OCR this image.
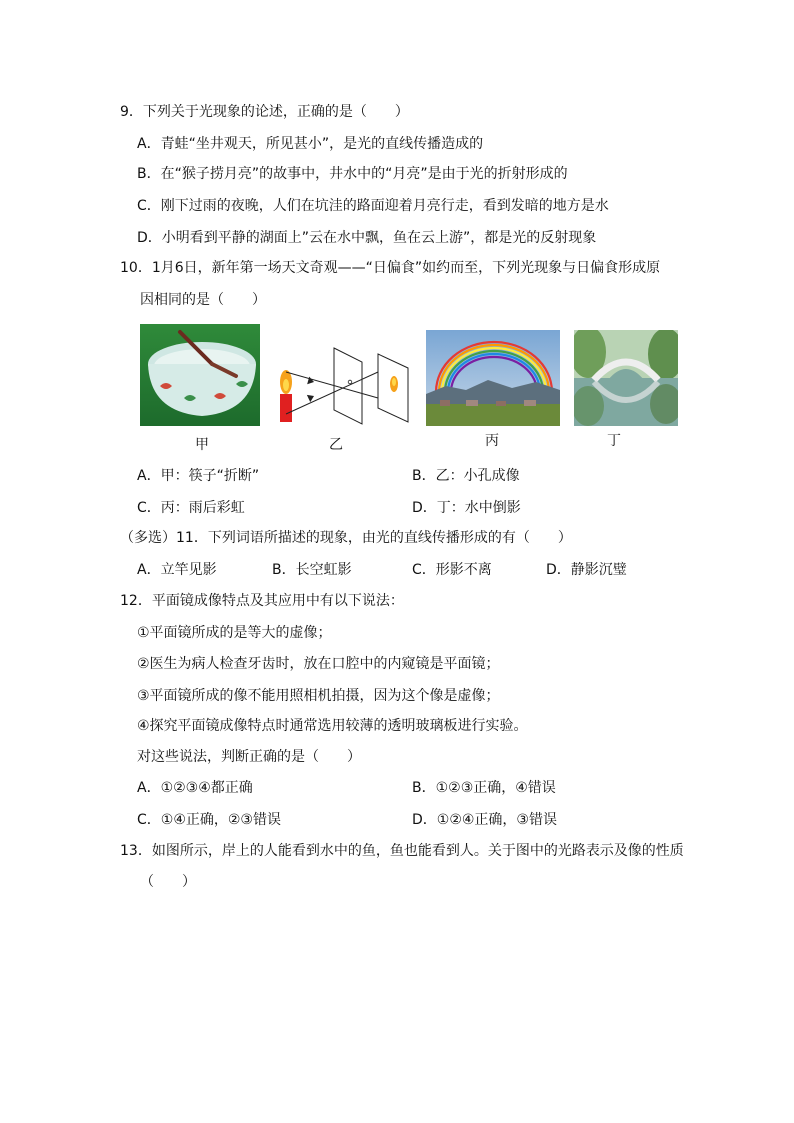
9．下列关于光现象的论述，正确的是（　　）
A．青蛙“坐井观天，所见甚小”，是光的直线传播造成的
B．在“猴子捞月亮”的故事中，井水中的“月亮”是由于光的折射形成的
C．刚下过雨的夜晚，人们在坑洼的路面迎着月亮行走，看到发暗的地方是水
D．小明看到平静的湖面上”云在水中飘，鱼在云上游”，都是光的反射现象
10．1月6日，新年第一场天文奇观——“日偏食”如约而至，下列光现象与日偏食形成原
因相同的是（　　）
甲	乙	丙	丁
A．甲：筷子“折断”	B．乙：小孔成像
C．丙：雨后彩虹	D．丁：水中倒影
（多选）11．下列词语所描述的现象，由光的直线传播形成的有（　　）
A．立竿见影	B．长空虹影	C．形影不离	D．静影沉璧
12．平面镜成像特点及其应用中有以下说法：
①平面镜所成的是等大的虚像；
②医生为病人检查牙齿时，放在口腔中的内窥镜是平面镜；
③平面镜所成的像不能用照相机拍摄，因为这个像是虚像；
④探究平面镜成像特点时通常选用较薄的透明玻璃板进行实验。
对这些说法，判断正确的是（　　）
A．①②③④都正确	B．①②③正确，④错误
C．①④正确，②③错误	D．①②④正确，③错误
13．如图所示，岸上的人能看到水中的鱼，鱼也能看到人。关于图中的光路表示及像的性质
（　　）
